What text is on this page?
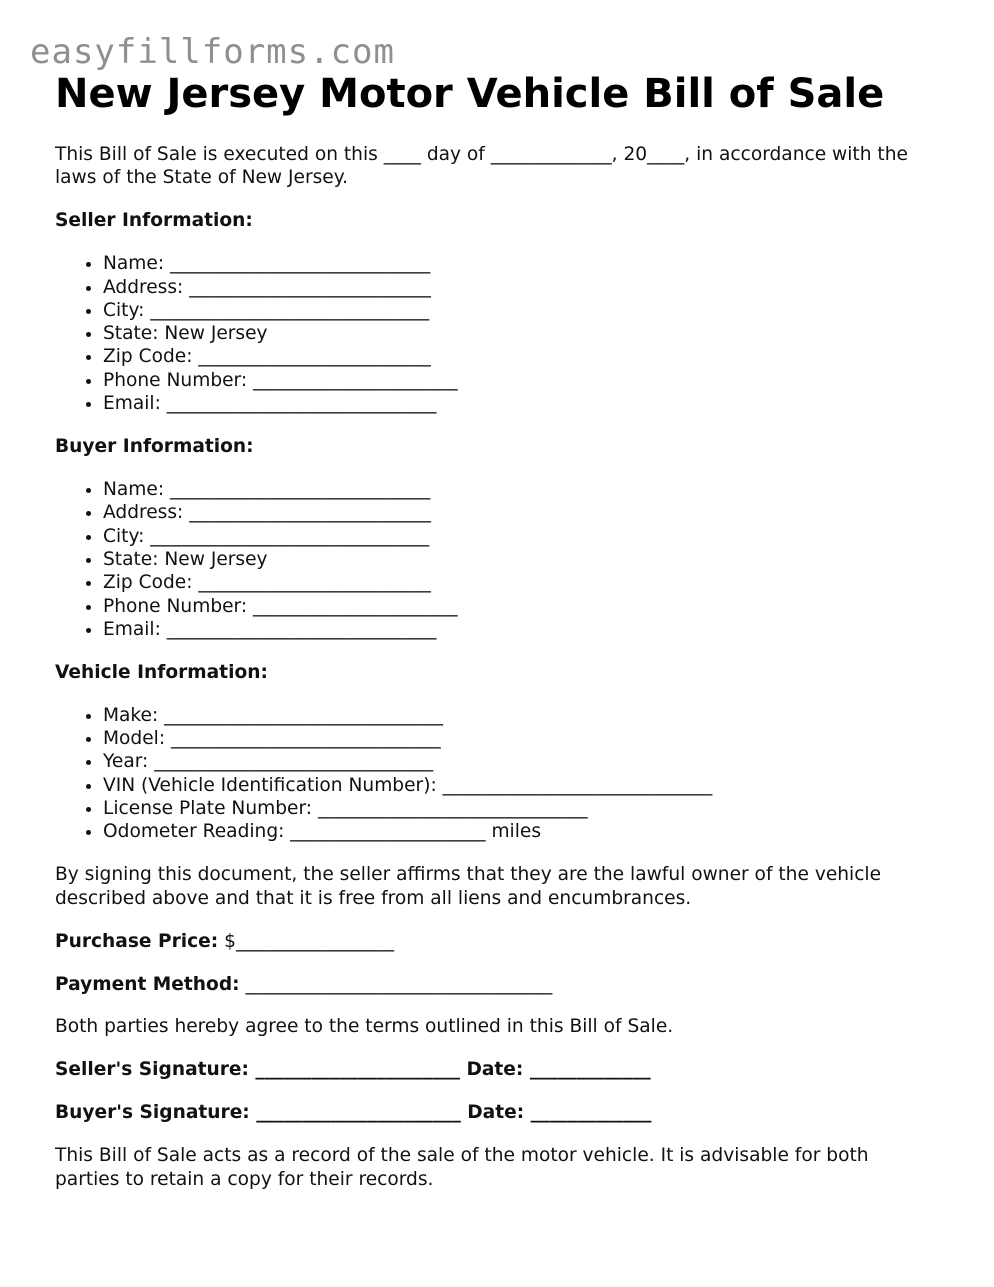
easyfillforms.com
New Jersey Motor Vehicle Bill of Sale

This Bill of Sale is executed on this ____ day of _____________, 20____, in accordance with the laws of the State of New Jersey.

Seller Information:

• Name: ____________________________
• Address: __________________________
• City: ______________________________
• State: New Jersey
• Zip Code: _________________________
• Phone Number: ______________________
• Email: _____________________________

Buyer Information:

• Name: ____________________________
• Address: __________________________
• City: ______________________________
• State: New Jersey
• Zip Code: _________________________
• Phone Number: ______________________
• Email: _____________________________

Vehicle Information:

• Make: ______________________________
• Model: _____________________________
• Year: ______________________________
• VIN (Vehicle Identification Number): _____________________________
• License Plate Number: _____________________________
• Odometer Reading: _____________________ miles

By signing this document, the seller affirms that they are the lawful owner of the vehicle described above and that it is free from all liens and encumbrances.

Purchase Price: $_________________

Payment Method: _________________________________

Both parties hereby agree to the terms outlined in this Bill of Sale.

Seller's Signature: ______________________ Date: _____________

Buyer's Signature: ______________________ Date: _____________

This Bill of Sale acts as a record of the sale of the motor vehicle. It is advisable for both parties to retain a copy for their records.
